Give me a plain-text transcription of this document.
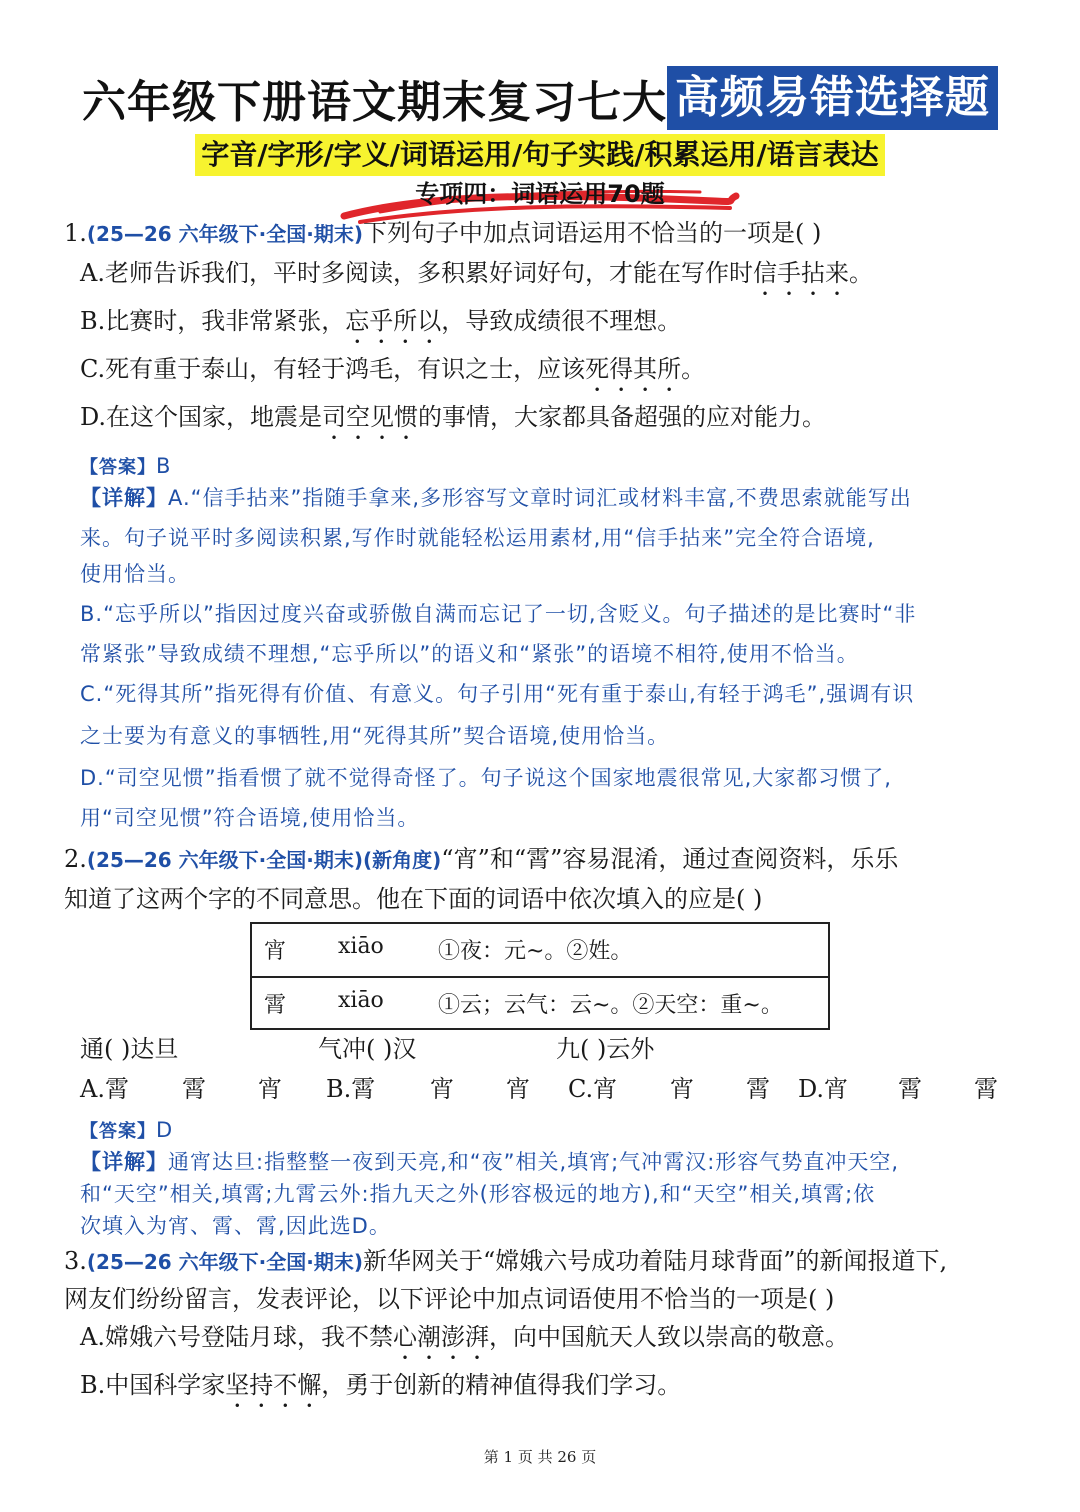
六年级下册语文期末复习七大 高频易错选择题
字音/字形/字义/词语运用/句子实践/积累运用/语言表达
专项四：词语运用70题
1.(25—26 六年级下·全国·期末)下列句子中加点词语运用不恰当的一项是( )
A.老师告诉我们，平时多阅读，多积累好词好句，才能在写作时信手拈来。
B.比赛时，我非常紧张，忘乎所以，导致成绩很不理想。
C.死有重于泰山，有轻于鸿毛，有识之士，应该死得其所。
D.在这个国家，地震是司空见惯的事情，大家都具备超强的应对能力。
【答案】B
【详解】A.“信手拈来”指随手拿来,多形容写文章时词汇或材料丰富,不费思索就能写出
来。句子说平时多阅读积累,写作时就能轻松运用素材,用“信手拈来”完全符合语境,
使用恰当。
B.“忘乎所以”指因过度兴奋或骄傲自满而忘记了一切,含贬义。句子描述的是比赛时“非
常紧张”导致成绩不理想,“忘乎所以”的语义和“紧张”的语境不相符,使用不恰当。
C.“死得其所”指死得有价值、有意义。句子引用“死有重于泰山,有轻于鸿毛”,强调有识
之士要为有意义的事牺牲,用“死得其所”契合语境,使用恰当。
D.“司空见惯”指看惯了就不觉得奇怪了。句子说这个国家地震很常见,大家都习惯了,
用“司空见惯”符合语境,使用恰当。
2.(25—26 六年级下·全国·期末)(新角度)“宵”和“霄”容易混淆，通过查阅资料，乐乐
知道了这两个字的不同意思。他在下面的词语中依次填入的应是( )
宵 xiāo ①夜：元~。②姓。
霄 xiāo ①云；云气：云~。②天空：重~。
通( )达旦	气冲( )汉	九( )云外
A.霄 霄 宵 B.霄 宵 宵 C.宵 宵 霄 D.宵 霄 霄
【答案】D
【详解】通宵达旦:指整整一夜到天亮,和“夜”相关,填宵;气冲霄汉:形容气势直冲天空,
和“天空”相关,填霄;九霄云外:指九天之外(形容极远的地方),和“天空”相关,填霄;依
次填入为宵、霄、霄,因此选D。
3.(25—26 六年级下·全国·期末)新华网关于“嫦娥六号成功着陆月球背面”的新闻报道下,
网友们纷纷留言，发表评论，以下评论中加点词语使用不恰当的一项是( )
A.嫦娥六号登陆月球，我不禁心潮澎湃，向中国航天人致以崇高的敬意。
B.中国科学家坚持不懈，勇于创新的精神值得我们学习。
第 1 页 共 26 页
